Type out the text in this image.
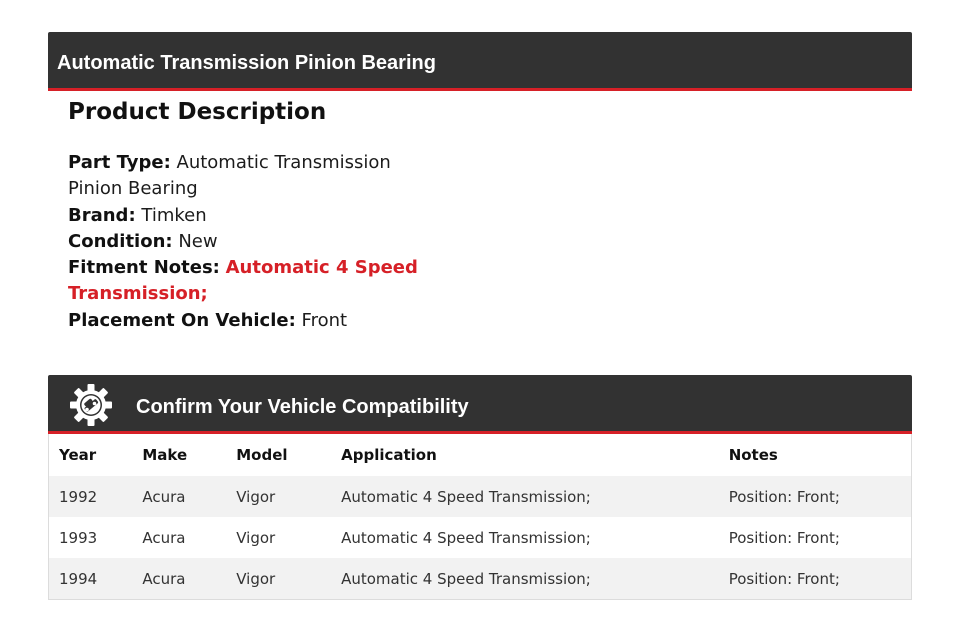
Automatic Transmission Pinion Bearing
Product Description

Part Type: Automatic Transmission Pinion Bearing

Brand: Timken

Condition: New

Fitment Notes: Automatic 4 Speed Transmission;

Placement On Vehicle: Front

Confirm Your Vehicle Compatibility
Year	Make	Model	Application	Notes
1992	Acura	Vigor	Automatic 4 Speed Transmission;	Position: Front;
1993	Acura	Vigor	Automatic 4 Speed Transmission;	Position: Front;
1994	Acura	Vigor	Automatic 4 Speed Transmission;	Position: Front;
